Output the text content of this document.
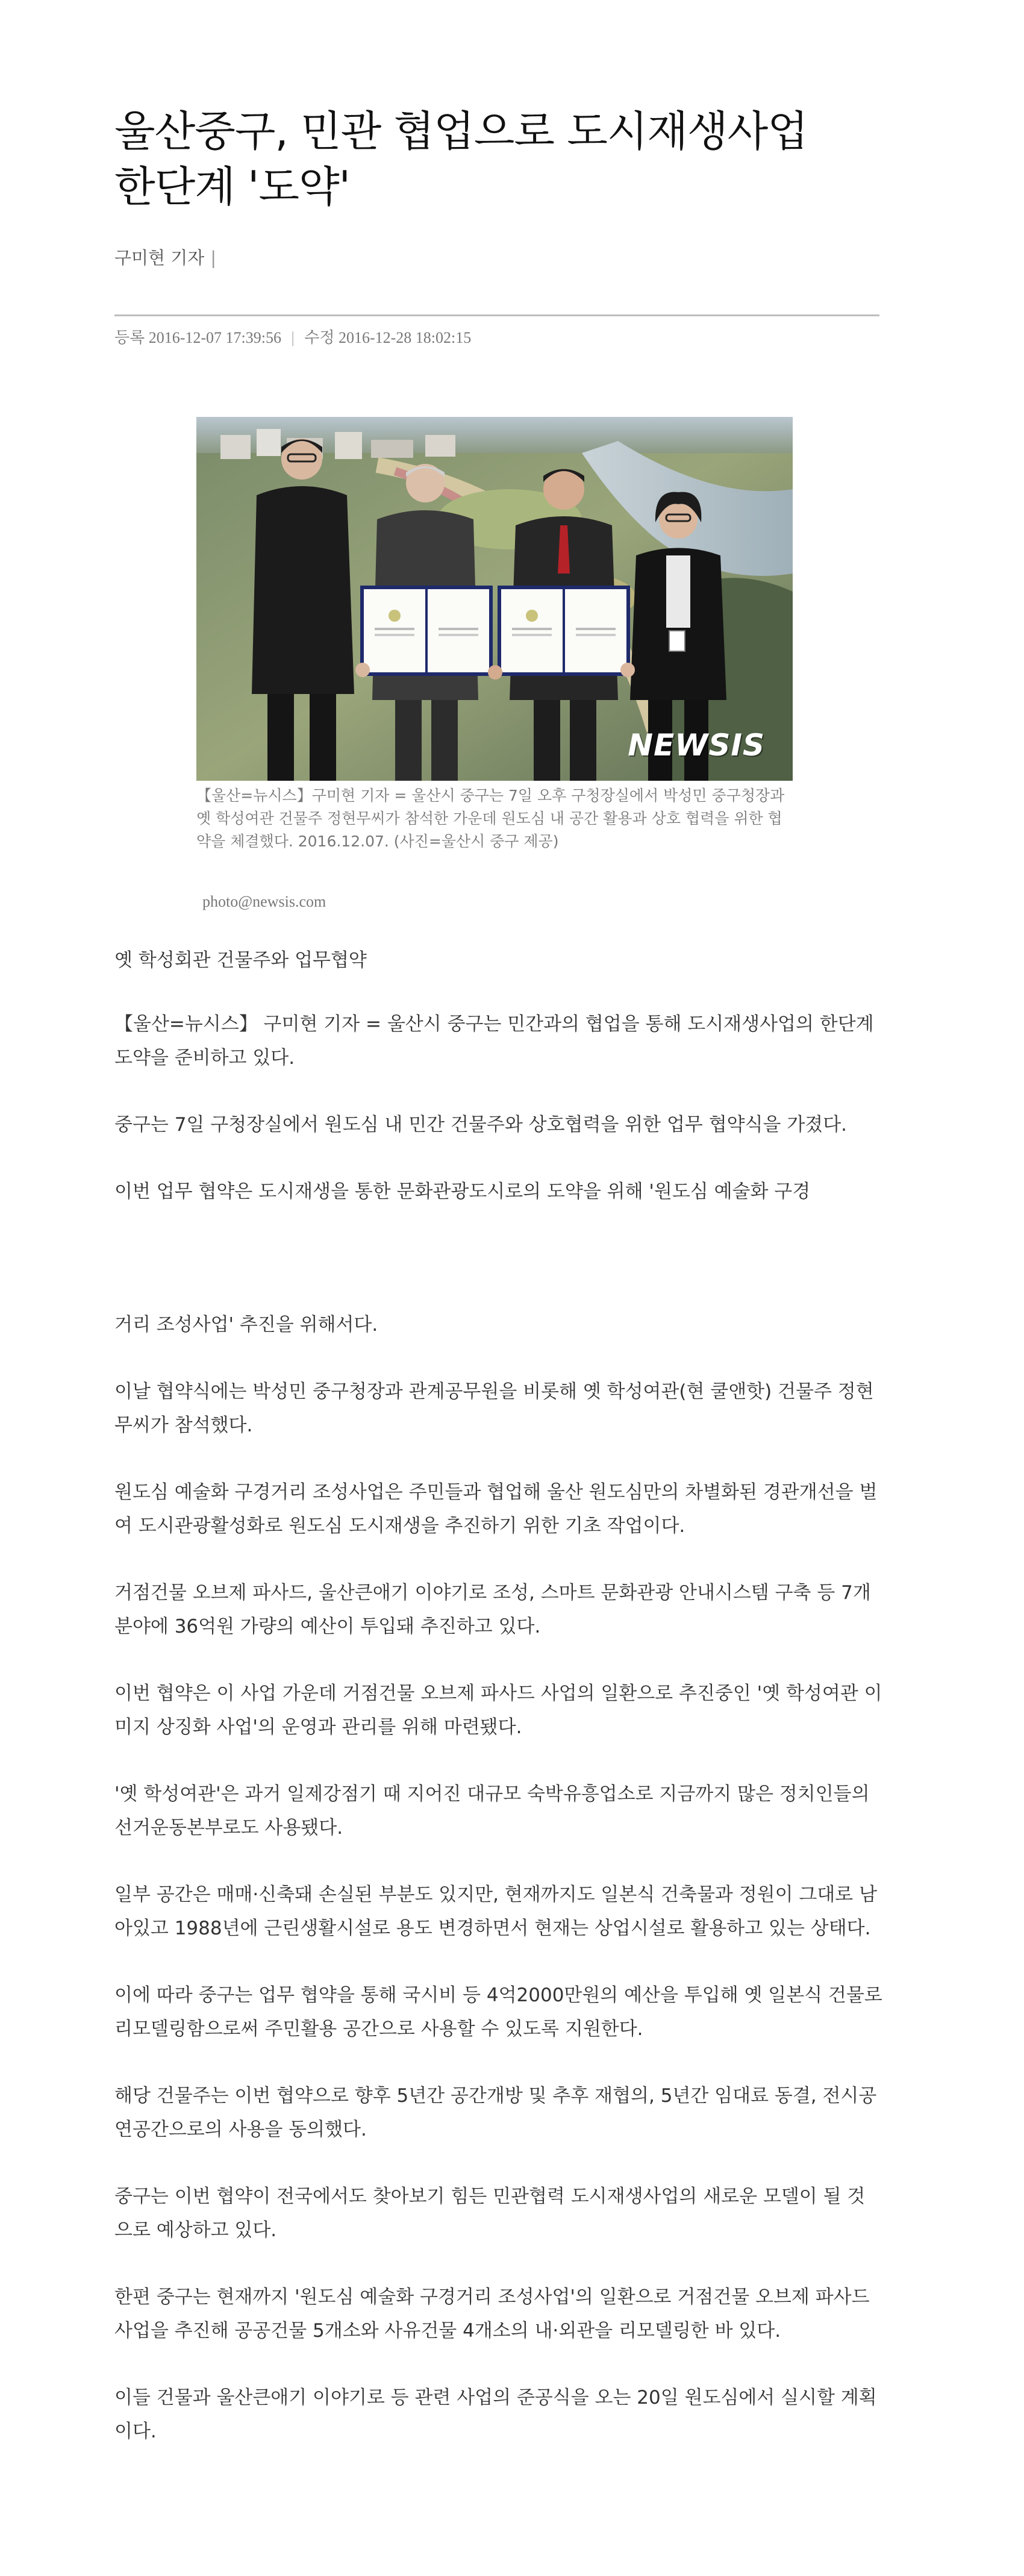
울산중구, 민관 협업으로 도시재생사업
한단계 '도약'
구미현 기자 |
등록 2016-12-07 17:39:56 | 수정 2016-12-28 18:02:15
NEWSIS
【울산=뉴시스】구미현 기자 = 울산시 중구는 7일 오후 구청장실에서 박성민 중구청장과 옛 학성여관 건물주 정현무씨가 참석한 가운데 원도심 내 공간 활용과 상호 협력을 위한 협약을 체결했다. 2016.12.07. (사진=울산시 중구 제공)
photo@newsis.com
옛 학성회관 건물주와 업무협약

【울산=뉴시스】 구미현 기자 = 울산시 중구는 민간과의 협업을 통해 도시재생사업의 한단계 도약을 준비하고 있다.

중구는 7일 구청장실에서 원도심 내 민간 건물주와 상호협력을 위한 업무 협약식을 가졌다.

이번 업무 협약은 도시재생을 통한 문화관광도시로의 도약을 위해 '원도심 예술화 구경

거리 조성사업' 추진을 위해서다.

이날 협약식에는 박성민 중구청장과 관계공무원을 비롯해 옛 학성여관(현 쿨앤핫) 건물주 정현무씨가 참석했다.

원도심 예술화 구경거리 조성사업은 주민들과 협업해 울산 원도심만의 차별화된 경관개선을 벌여 도시관광활성화로 원도심 도시재생을 추진하기 위한 기초 작업이다.

거점건물 오브제 파사드, 울산큰애기 이야기로 조성, 스마트 문화관광 안내시스템 구축 등 7개 분야에 36억원 가량의 예산이 투입돼 추진하고 있다.

이번 협약은 이 사업 가운데 거점건물 오브제 파사드 사업의 일환으로 추진중인 '옛 학성여관 이미지 상징화 사업'의 운영과 관리를 위해 마련됐다.

'옛 학성여관'은 과거 일제강점기 때 지어진 대규모 숙박유흥업소로 지금까지 많은 정치인들의 선거운동본부로도 사용됐다.

일부 공간은 매매·신축돼 손실된 부분도 있지만, 현재까지도 일본식 건축물과 정원이 그대로 남아있고 1988년에 근린생활시설로 용도 변경하면서 현재는 상업시설로 활용하고 있는 상태다.

이에 따라 중구는 업무 협약을 통해 국시비 등 4억2000만원의 예산을 투입해 옛 일본식 건물로 리모델링함으로써 주민활용 공간으로 사용할 수 있도록 지원한다.

해당 건물주는 이번 협약으로 향후 5년간 공간개방 및 추후 재협의, 5년간 임대료 동결, 전시공연공간으로의 사용을 동의했다.

중구는 이번 협약이 전국에서도 찾아보기 힘든 민관협력 도시재생사업의 새로운 모델이 될 것으로 예상하고 있다.

한편 중구는 현재까지 '원도심 예술화 구경거리 조성사업'의 일환으로 거점건물 오브제 파사드 사업을 추진해 공공건물 5개소와 사유건물 4개소의 내·외관을 리모델링한 바 있다.

이들 건물과 울산큰애기 이야기로 등 관련 사업의 준공식을 오는 20일 원도심에서 실시할 계획이다.
